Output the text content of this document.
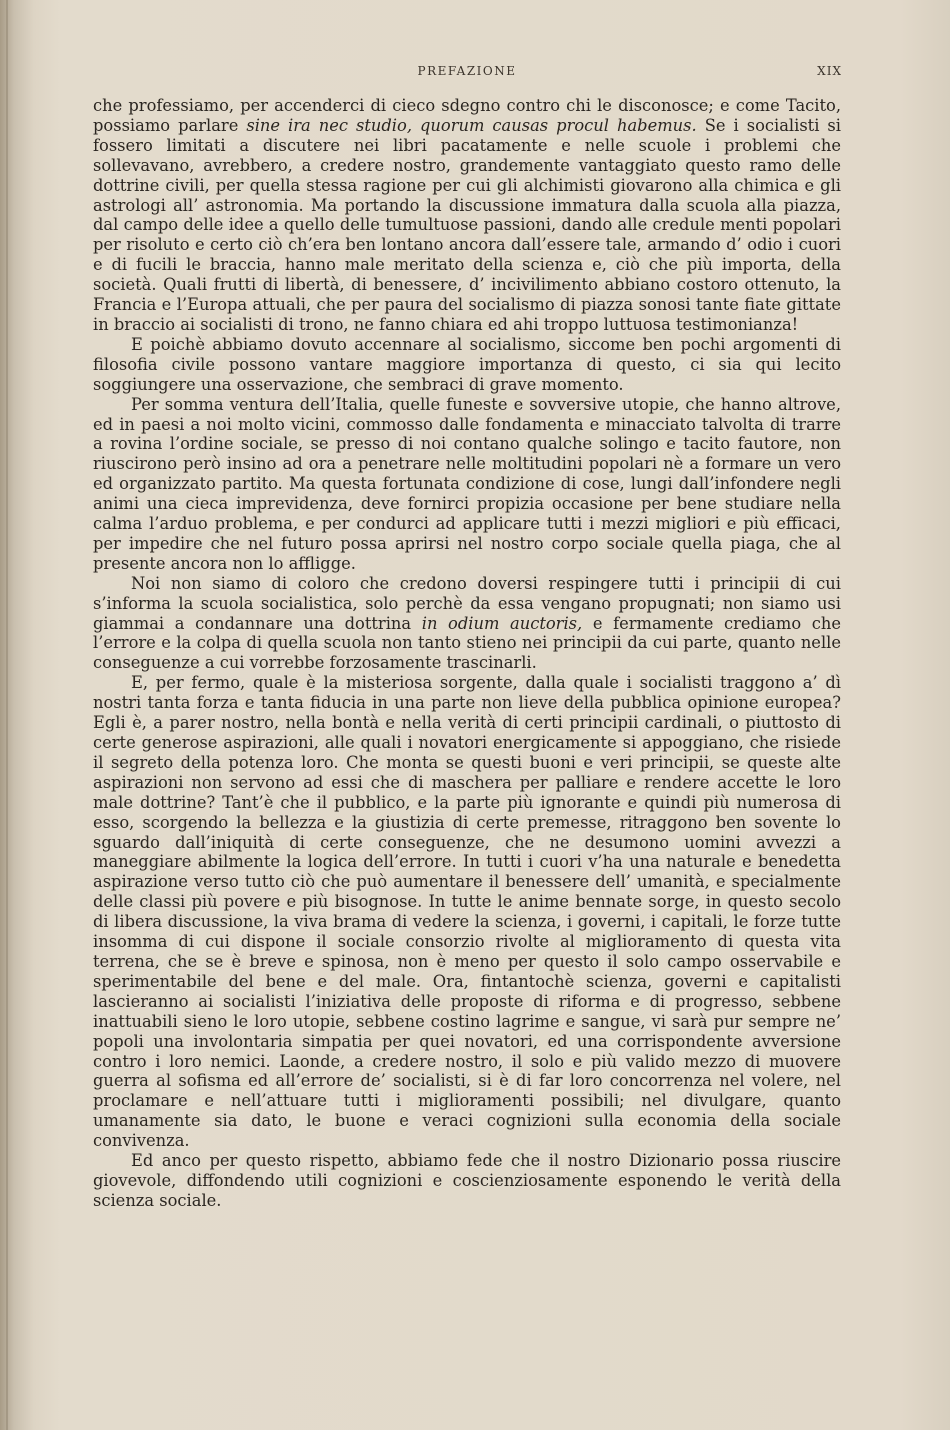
PREFAZIONE	XIX

che professiamo, per accenderci di cieco sdegno contro chi le disconosce; e come Tacito, possiamo parlare sine ira nec studio, quorum causas procul habemus. Se i socialisti si fossero limitati a discutere nei libri pacatamente e nelle scuole i problemi che sollevavano, avrebbero, a credere nostro, grandemente vantaggiato questo ramo delle dottrine civili, per quella stessa ragione per cui gli alchimisti giovarono alla chimica e gli astrologi all’ astronomia. Ma portando la discussione immatura dalla scuola alla piazza, dal campo delle idee a quello delle tumultuose passioni, dando alle credule menti popolari per risoluto e certo ciò ch’era ben lontano ancora dall’essere tale, armando d’ odio i cuori e di fucili le braccia, hanno male meritato della scienza e, ciò che più importa, della società. Quali frutti di libertà, di benessere, d’ incivilimento abbiano costoro ottenuto, la Francia e l’Europa attuali, che per paura del socialismo di piazza sonosi tante fiate gittate in braccio ai socialisti di trono, ne fanno chiara ed ahi troppo luttuosa testimonianza!

E poichè abbiamo dovuto accennare al socialismo, siccome ben pochi argomenti di filosofia civile possono vantare maggiore importanza di questo, ci sia qui lecito soggiungere una osservazione, che sembraci di grave momento.

Per somma ventura dell’Italia, quelle funeste e sovversive utopie, che hanno altrove, ed in paesi a noi molto vicini, commosso dalle fondamenta e minacciato talvolta di trarre a rovina l’ordine sociale, se presso di noi contano qualche solingo e tacito fautore, non riuscirono però insino ad ora a penetrare nelle moltitudini popolari nè a formare un vero ed organizzato partito. Ma questa fortunata condizione di cose, lungi dall’infondere negli animi una cieca imprevidenza, deve fornirci propizia occasione per bene studiare nella calma l’arduo problema, e per condurci ad applicare tutti i mezzi migliori e più efficaci, per impedire che nel futuro possa aprirsi nel nostro corpo sociale quella piaga, che al presente ancora non lo affligge.

Noi non siamo di coloro che credono doversi respingere tutti i principii di cui s’informa la scuola socialistica, solo perchè da essa vengano propugnati; non siamo usi giammai a condannare una dottrina in odium auctoris, e fermamente crediamo che l’errore e la colpa di quella scuola non tanto stieno nei principii da cui parte, quanto nelle conseguenze a cui vorrebbe forzosamente trascinarli.

E, per fermo, quale è la misteriosa sorgente, dalla quale i socialisti traggono a’ dì nostri tanta forza e tanta fiducia in una parte non lieve della pubblica opinione europea? Egli è, a parer nostro, nella bontà e nella verità di certi principii cardinali, o piuttosto di certe generose aspirazioni, alle quali i novatori energicamente si appoggiano, che risiede il segreto della potenza loro. Che monta se questi buoni e veri principii, se queste alte aspirazioni non servono ad essi che di maschera per palliare e rendere accette le loro male dottrine? Tant’è che il pubblico, e la parte più ignorante e quindi più numerosa di esso, scorgendo la bellezza e la giustizia di certe premesse, ritraggono ben sovente lo sguardo dall’iniquità di certe conseguenze, che ne desumono uomini avvezzi a maneggiare abilmente la logica dell’errore. In tutti i cuori v’ha una naturale e benedetta aspirazione verso tutto ciò che può aumentare il benessere dell’ umanità, e specialmente delle classi più povere e più bisognose. In tutte le anime bennate sorge, in questo secolo di libera discussione, la viva brama di vedere la scienza, i governi, i capitali, le forze tutte insomma di cui dispone il sociale consorzio rivolte al miglioramento di questa vita terrena, che se è breve e spinosa, non è meno per questo il solo campo osservabile e sperimentabile del bene e del male. Ora, fintantochè scienza, governi e capitalisti lascieranno ai socialisti l’iniziativa delle proposte di riforma e di progresso, sebbene inattuabili sieno le loro utopie, sebbene costino lagrime e sangue, vi sarà pur sempre ne’ popoli una involontaria simpatia per quei novatori, ed una corrispondente avversione contro i loro nemici. Laonde, a credere nostro, il solo e più valido mezzo di muovere guerra al sofisma ed all’errore de’ socialisti, si è di far loro concorrenza nel volere, nel proclamare e nell’attuare tutti i miglioramenti possibili; nel divulgare, quanto umanamente sia dato, le buone e veraci cognizioni sulla economia della sociale convivenza.

Ed anco per questo rispetto, abbiamo fede che il nostro Dizionario possa riuscire giovevole, diffondendo utili cognizioni e coscienziosamente esponendo le verità della scienza sociale.
